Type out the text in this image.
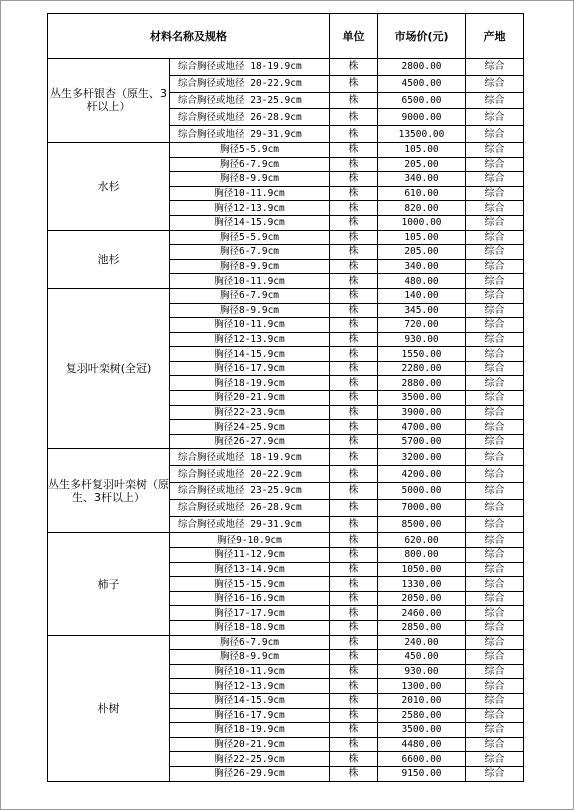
材料名称及规格		单位	市场价(元)	产地
丛生多杆银杏（原生、3杆以上）	综合胸径或地径 18-19.9cm	株	2800.00	综合
	综合胸径或地径 20-22.9cm	株	4500.00	综合
	综合胸径或地径 23-25.9cm	株	6500.00	综合
	综合胸径或地径 26-28.9cm	株	9000.00	综合
	综合胸径或地径 29-31.9cm	株	13500.00	综合
水杉	胸径5-5.9cm	株	105.00	综合
	胸径6-7.9cm	株	205.00	综合
	胸径8-9.9cm	株	340.00	综合
	胸径10-11.9cm	株	610.00	综合
	胸径12-13.9cm	株	820.00	综合
	胸径14-15.9cm	株	1000.00	综合
池杉	胸径5-5.9cm	株	105.00	综合
	胸径6-7.9cm	株	205.00	综合
	胸径8-9.9cm	株	340.00	综合
	胸径10-11.9cm	株	480.00	综合
复羽叶栾树(全冠)	胸径6-7.9cm	株	140.00	综合
	胸径8-9.9cm	株	345.00	综合
	胸径10-11.9cm	株	720.00	综合
	胸径12-13.9cm	株	930.00	综合
	胸径14-15.9cm	株	1550.00	综合
	胸径16-17.9cm	株	2280.00	综合
	胸径18-19.9cm	株	2880.00	综合
	胸径20-21.9cm	株	3500.00	综合
	胸径22-23.9cm	株	3900.00	综合
	胸径24-25.9cm	株	4700.00	综合
	胸径26-27.9cm	株	5700.00	综合
丛生多杆复羽叶栾树（原生、3杆以上）	综合胸径或地径 18-19.9cm	株	3200.00	综合
	综合胸径或地径 20-22.9cm	株	4200.00	综合
	综合胸径或地径 23-25.9cm	株	5000.00	综合
	综合胸径或地径 26-28.9cm	株	7000.00	综合
	综合胸径或地径 29-31.9cm	株	8500.00	综合
柿子	胸径9-10.9cm	株	620.00	综合
	胸径11-12.9cm	株	800.00	综合
	胸径13-14.9cm	株	1050.00	综合
	胸径15-15.9cm	株	1330.00	综合
	胸径16-16.9cm	株	2050.00	综合
	胸径17-17.9cm	株	2460.00	综合
	胸径18-18.9cm	株	2850.00	综合
朴树	胸径6-7.9cm	株	240.00	综合
	胸径8-9.9cm	株	450.00	综合
	胸径10-11.9cm	株	930.00	综合
	胸径12-13.9cm	株	1300.00	综合
	胸径14-15.9cm	株	2010.00	综合
	胸径16-17.9cm	株	2580.00	综合
	胸径18-19.9cm	株	3500.00	综合
	胸径20-21.9cm	株	4480.00	综合
	胸径22-25.9cm	株	6600.00	综合
	胸径26-29.9cm	株	9150.00	综合
